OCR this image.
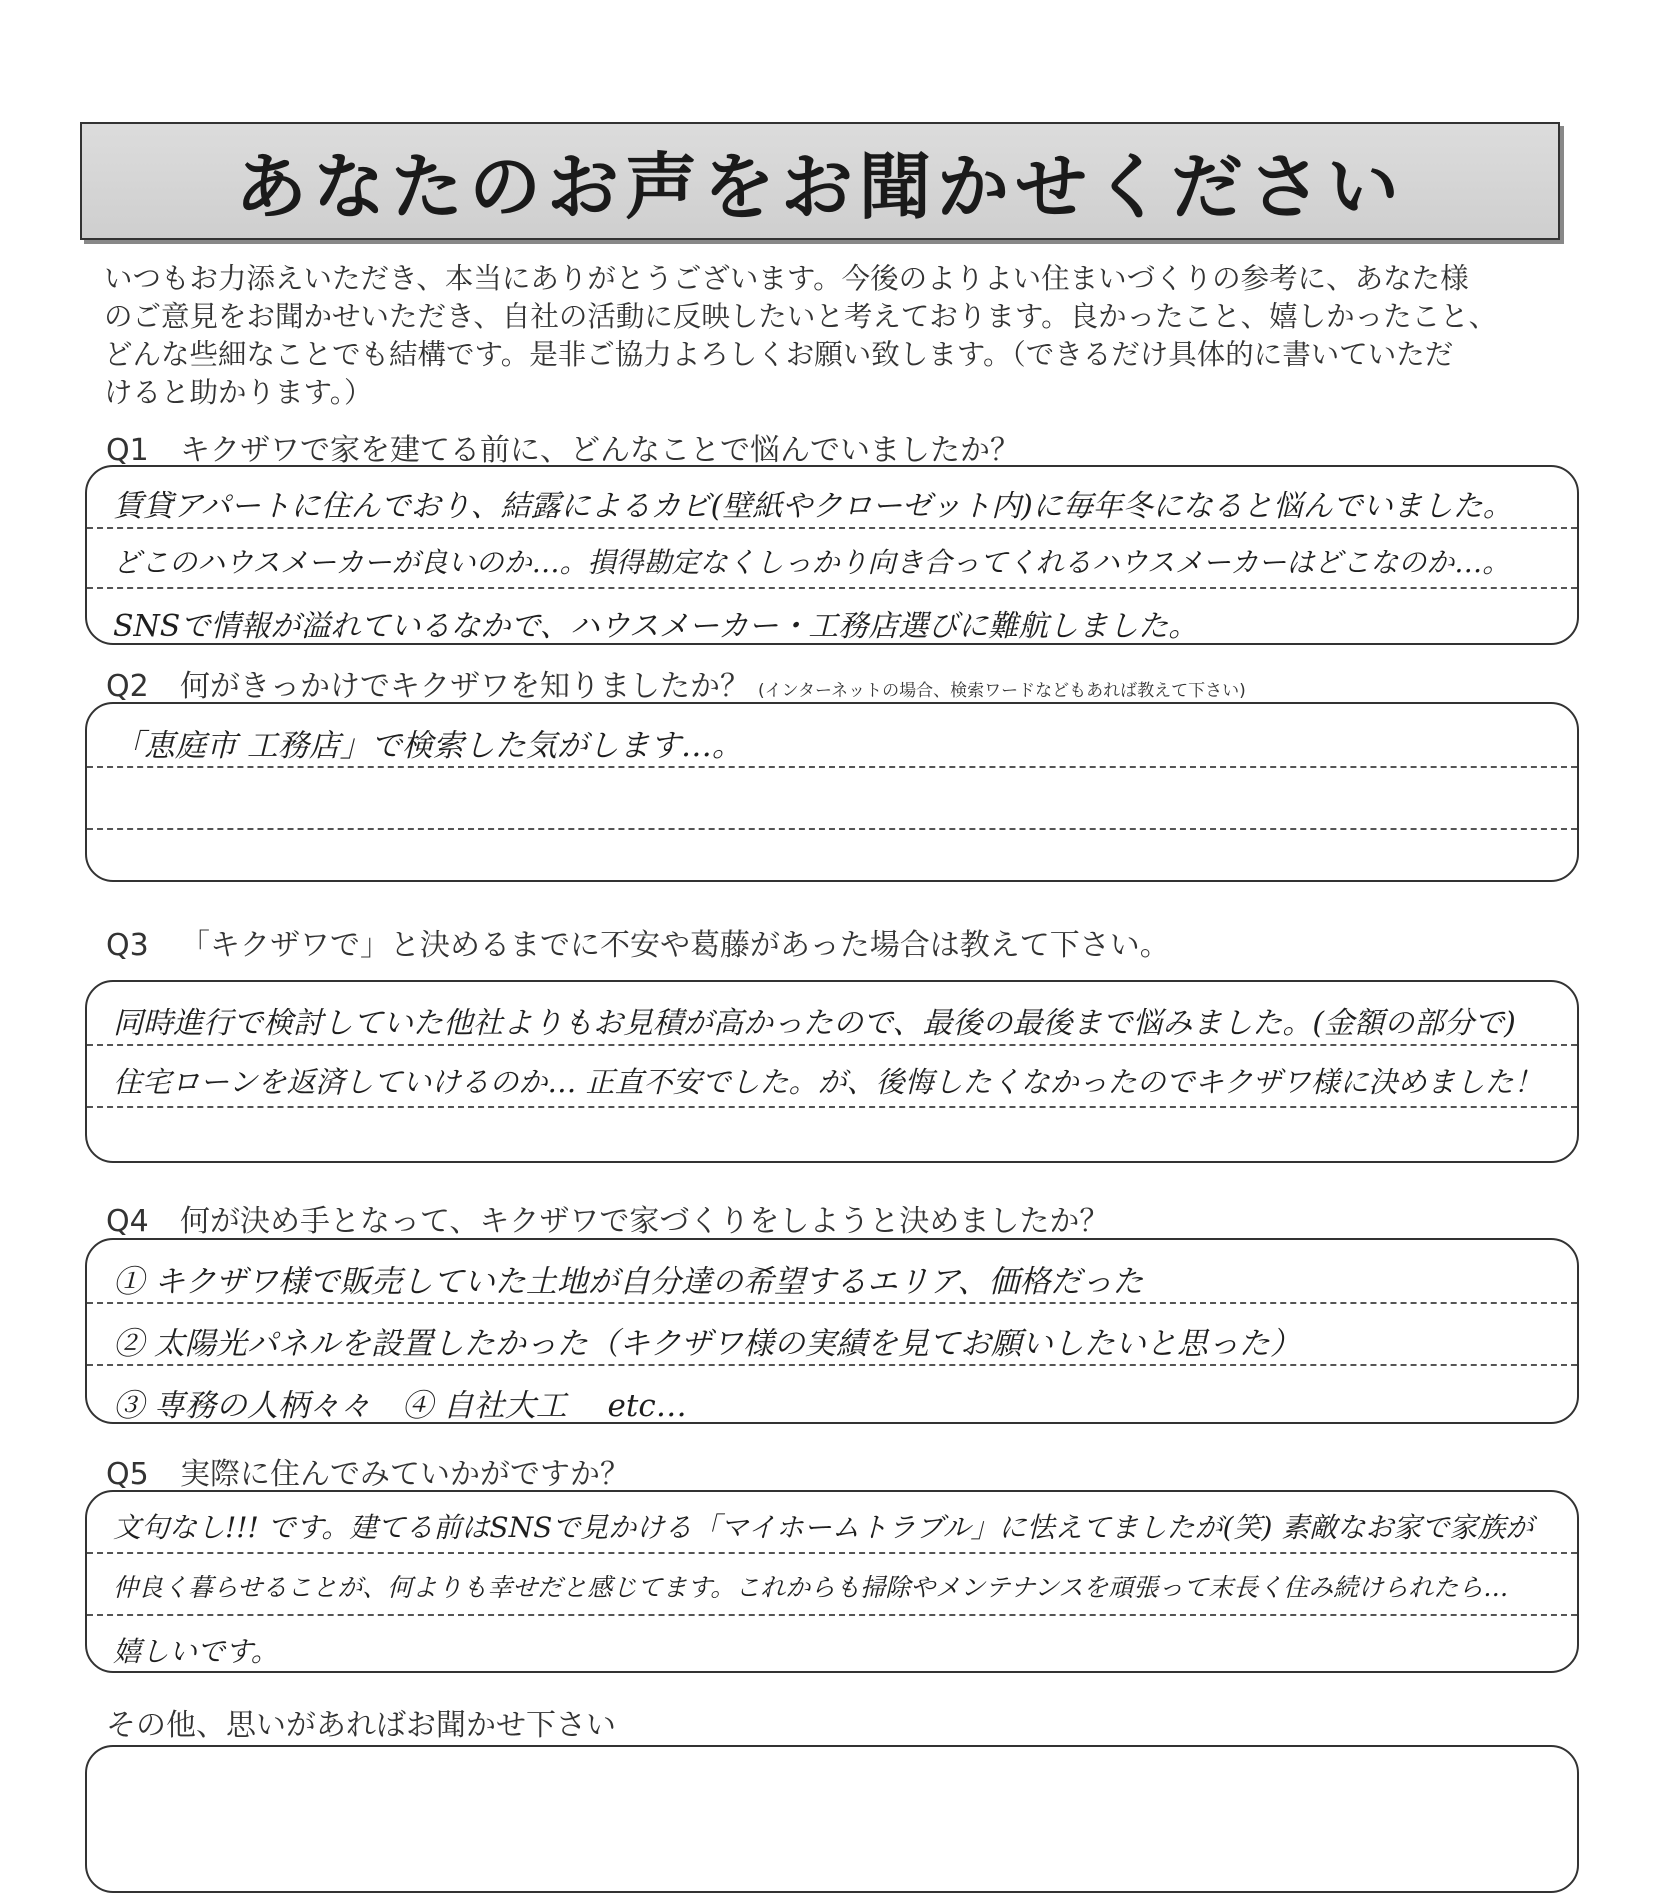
あなたのお声をお聞かせください
いつもお力添えいただき、本当にありがとうございます。今後のよりよい住まいづくりの参考に、あなた様
のご意見をお聞かせいただき、自社の活動に反映したいと考えております。良かったこと、嬉しかったこと、
どんな些細なことでも結構です。是非ご協力よろしくお願い致します。（できるだけ具体的に書いていただ
けると助かります。）
Q1 キクザワで家を建てる前に、どんなことで悩んでいましたか？
賃貸アパートに住んでおり、結露によるカビ(壁紙やクローゼット内)に毎年冬になると悩んでいました。
どこのハウスメーカーが良いのか…。損得勘定なくしっかり向き合ってくれるハウスメーカーはどこなのか…。
SNSで情報が溢れているなかで、ハウスメーカー・工務店選びに難航しました。
Q2 何がきっかけでキクザワを知りましたか？ (インターネットの場合、検索ワードなどもあれば教えて下さい)
「恵庭市 工務店」で検索した気がします…。
Q3 「キクザワで」と決めるまでに不安や葛藤があった場合は教えて下さい。
同時進行で検討していた他社よりもお見積が高かったので、最後の最後まで悩みました。(金額の部分で)
住宅ローンを返済していけるのか… 正直不安でした。が、後悔したくなかったのでキクザワ様に決めました！
Q4 何が決め手となって、キクザワで家づくりをしようと決めましたか？
① キクザワ様で販売していた土地が自分達の希望するエリア、価格だった
② 太陽光パネルを設置したかった（キクザワ様の実績を見てお願いしたいと思った）
③ 専務の人柄々々　④ 自社大工　 etc…
Q5 実際に住んでみていかがですか？
文句なし!!! です。建てる前はSNSで見かける「マイホームトラブル」に怯えてましたが(笑) 素敵なお家で家族が
仲良く暮らせることが、何よりも幸せだと感じてます。これからも掃除やメンテナンスを頑張って末長く住み続けられたら…
嬉しいです。
その他、思いがあればお聞かせ下さい
